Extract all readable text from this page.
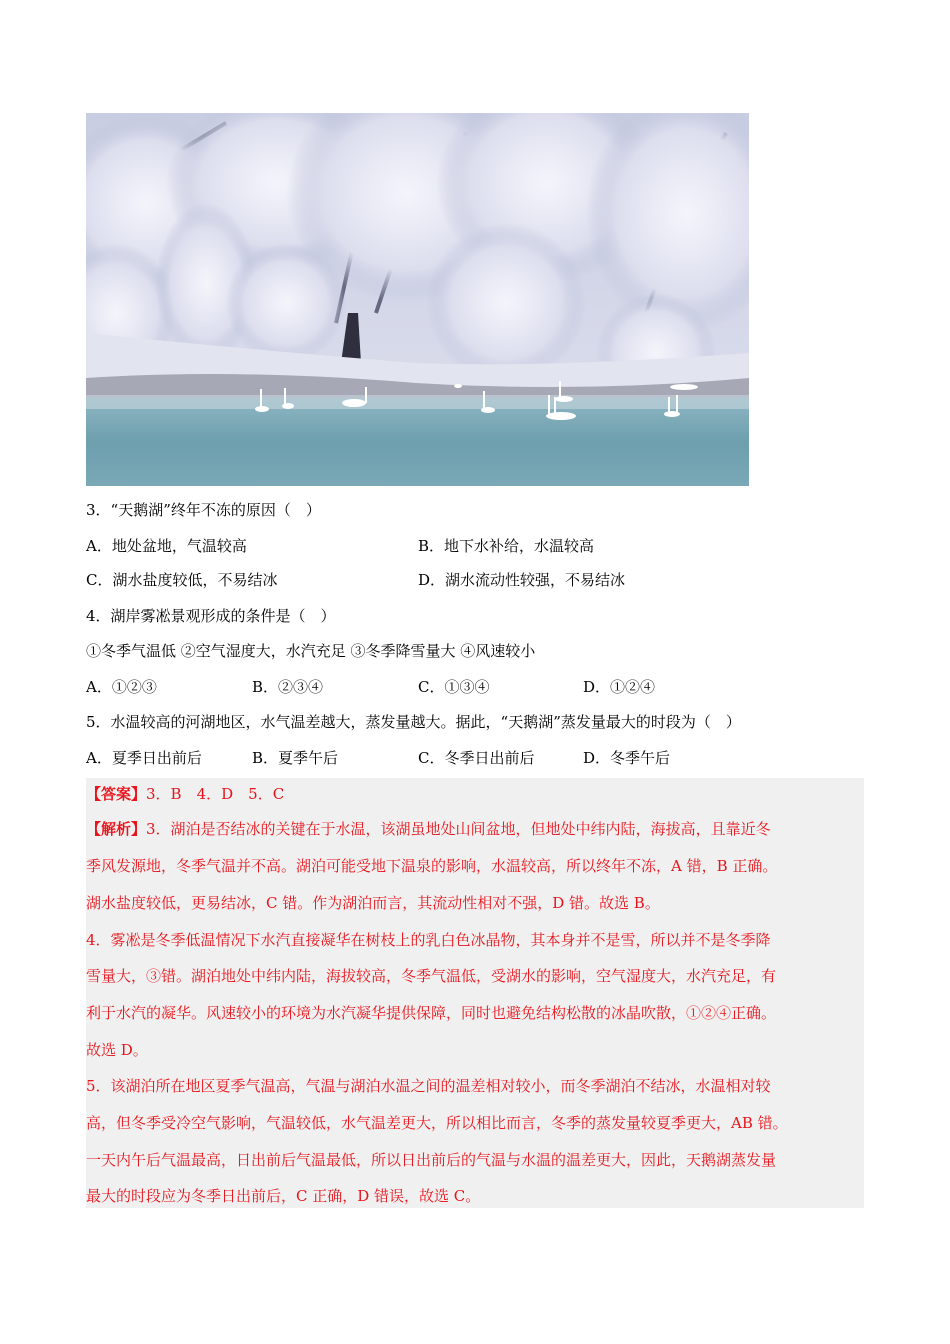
3．“天鹅湖”终年不冻的原因（　）
A．地处盆地，气温较高	B．地下水补给，水温较高
C．湖水盐度较低，不易结冰	D．湖水流动性较强，不易结冰
4．湖岸雾凇景观形成的条件是（　）
①冬季气温低 ②空气湿度大，水汽充足 ③冬季降雪量大 ④风速较小
A．①②③	B．②③④	C．①③④	D．①②④
5．水温较高的河湖地区，水气温差越大，蒸发量越大。据此，“天鹅湖”蒸发量最大的时段为（　）
A．夏季日出前后	B．夏季午后	C．冬季日出前后	D．冬季午后
【答案】3．B　4．D　5．C
【解析】3．湖泊是否结冰的关键在于水温，该湖虽地处山间盆地，但地处中纬内陆，海拔高，且靠近冬
季风发源地，冬季气温并不高。湖泊可能受地下温泉的影响，水温较高，所以终年不冻，A 错，B 正确。
湖水盐度较低，更易结冰，C 错。作为湖泊而言，其流动性相对不强，D 错。故选 B。
4．雾凇是冬季低温情况下水汽直接凝华在树枝上的乳白色冰晶物，其本身并不是雪，所以并不是冬季降
雪量大，③错。湖泊地处中纬内陆，海拔较高，冬季气温低，受湖水的影响，空气湿度大，水汽充足，有
利于水汽的凝华。风速较小的环境为水汽凝华提供保障，同时也避免结构松散的冰晶吹散，①②④正确。
故选 D。
5．该湖泊所在地区夏季气温高，气温与湖泊水温之间的温差相对较小，而冬季湖泊不结冰，水温相对较
高，但冬季受冷空气影响，气温较低，水气温差更大，所以相比而言，冬季的蒸发量较夏季更大，AB 错。
一天内午后气温最高，日出前后气温最低，所以日出前后的气温与水温的温差更大，因此，天鹅湖蒸发量
最大的时段应为冬季日出前后，C 正确，D 错误，故选 C。
